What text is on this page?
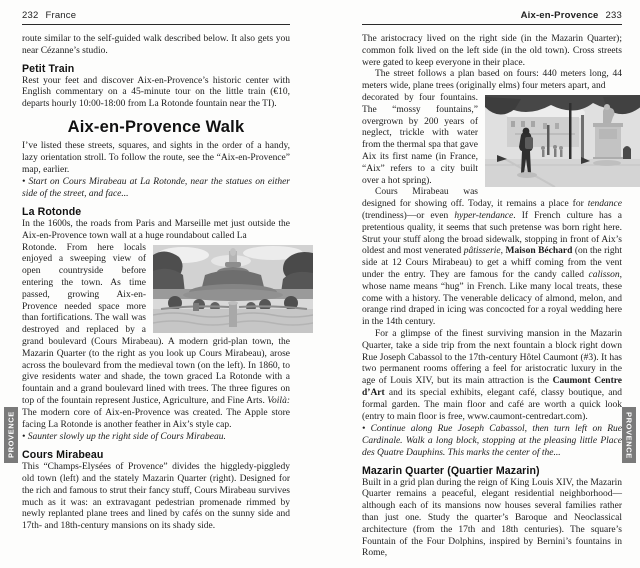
232 France

route similar to the self-guided walk described below. It also gets you near Cézanne’s studio.

Petit Train

Rest your feet and discover Aix-en-Provence’s historic center with English commentary on a 45-minute tour on the little train (€10, departs hourly 10:00-18:00 from La Rotonde fountain near the TI).

Aix-en-Provence Walk

I’ve listed these streets, squares, and sights in the order of a handy, lazy orientation stroll. To follow the route, see the “Aix-en-Provence” map, earlier.

• Start on Cours Mirabeau at La Rotonde, near the statues on either side of the street, and face...

La Rotonde

In the 1600s, the roads from Paris and Marseille met just outside the Aix-en-Provence town wall at a huge roundabout called La

Rotonde. From here locals enjoyed a sweeping view of open countryside before entering the town. As time passed, growing Aix-en-Provence needed space more than fortifications. The wall was destroyed and replaced by a grand boulevard (Cours Mirabeau). A modern grid-plan town, the Mazarin Quarter (to the right as you look up Cours Mirabeau), arose across the boulevard from the medieval town (on the left). In 1860, to give residents water and shade, the town graced La Rotonde with a fountain and a grand boulevard lined with trees. The three figures on top of the fountain represent Justice, Agriculture, and Fine Arts. Voilà: The modern core of Aix-en-Provence was created. The Apple store facing La Rotonde is another feather in Aix’s style cap.

• Saunter slowly up the right side of Cours Mirabeau.

Cours Mirabeau

This “Champs-Elysées of Provence” divides the higgledy-piggledy old town (left) and the stately Mazarin Quarter (right). Designed for the rich and famous to strut their fancy stuff, Cours Mirabeau survives much as it was: an extravagant pedestrian promenade rimmed by newly replanted plane trees and lined by cafés on the sunny side and 17th- and 18th-century mansions on its shady side.

Aix-en-Provence 233

The aristocracy lived on the right side (in the Mazarin Quarter); common folk lived on the left side (in the old town). Cross streets were gated to keep everyone in their place.

The street follows a plan based on fours: 440 meters long, 44 meters wide, plane trees (originally elms) four meters apart, and

decorated by four fountains. The “mossy fountains,” overgrown by 200 years of neglect, trickle with water from the thermal spa that gave Aix its first name (in France, “Aix” refers to a city built over a hot spring).

Cours Mirabeau was designed for showing off. Today, it remains a place for tendance (trendiness)—or even hyper-tendance. If French culture has a pretentious quality, it seems that such pretense was born right here. Strut your stuff along the broad sidewalk, stopping in front of Aix’s oldest and most venerated pâtisserie, Maison Béchard (on the right side at 12 Cours Mirabeau) to get a whiff coming from the vent under the entry. They are famous for the candy called calisson, whose name means “hug” in French. Like many local treats, these come with a history. The venerable delicacy of almond, melon, and orange rind draped in icing was concocted for a royal wedding here in the 14th century.

For a glimpse of the finest surviving mansion in the Mazarin Quarter, take a side trip from the next fountain a block right down Rue Joseph Cabassol to the 17th-century Hôtel Caumont (#3). It has two permanent rooms offering a feel for aristocratic luxury in the age of Louis XIV, but its main attraction is the Caumont Centre d’Art and its special exhibits, elegant café, classy boutique, and formal garden. The main floor and café are worth a quick look (entry to main floor is free, www.caumont-centredart.com).

• Continue along Rue Joseph Cabassol, then turn left on Rue Cardinale. Walk a long block, stopping at the pleasing little Place des Quatre Dauphins. This marks the center of the...

Mazarin Quarter (Quartier Mazarin)

Built in a grid plan during the reign of King Louis XIV, the Mazarin Quarter remains a peaceful, elegant residential neighborhood—although each of its mansions now houses several families rather than just one. Study the quarter’s Baroque and Neoclassical architecture (from the 17th and 18th centuries). The square’s Fountain of the Four Dolphins, inspired by Bernini’s fountains in Rome,

PROVENCE	PROVENCE
